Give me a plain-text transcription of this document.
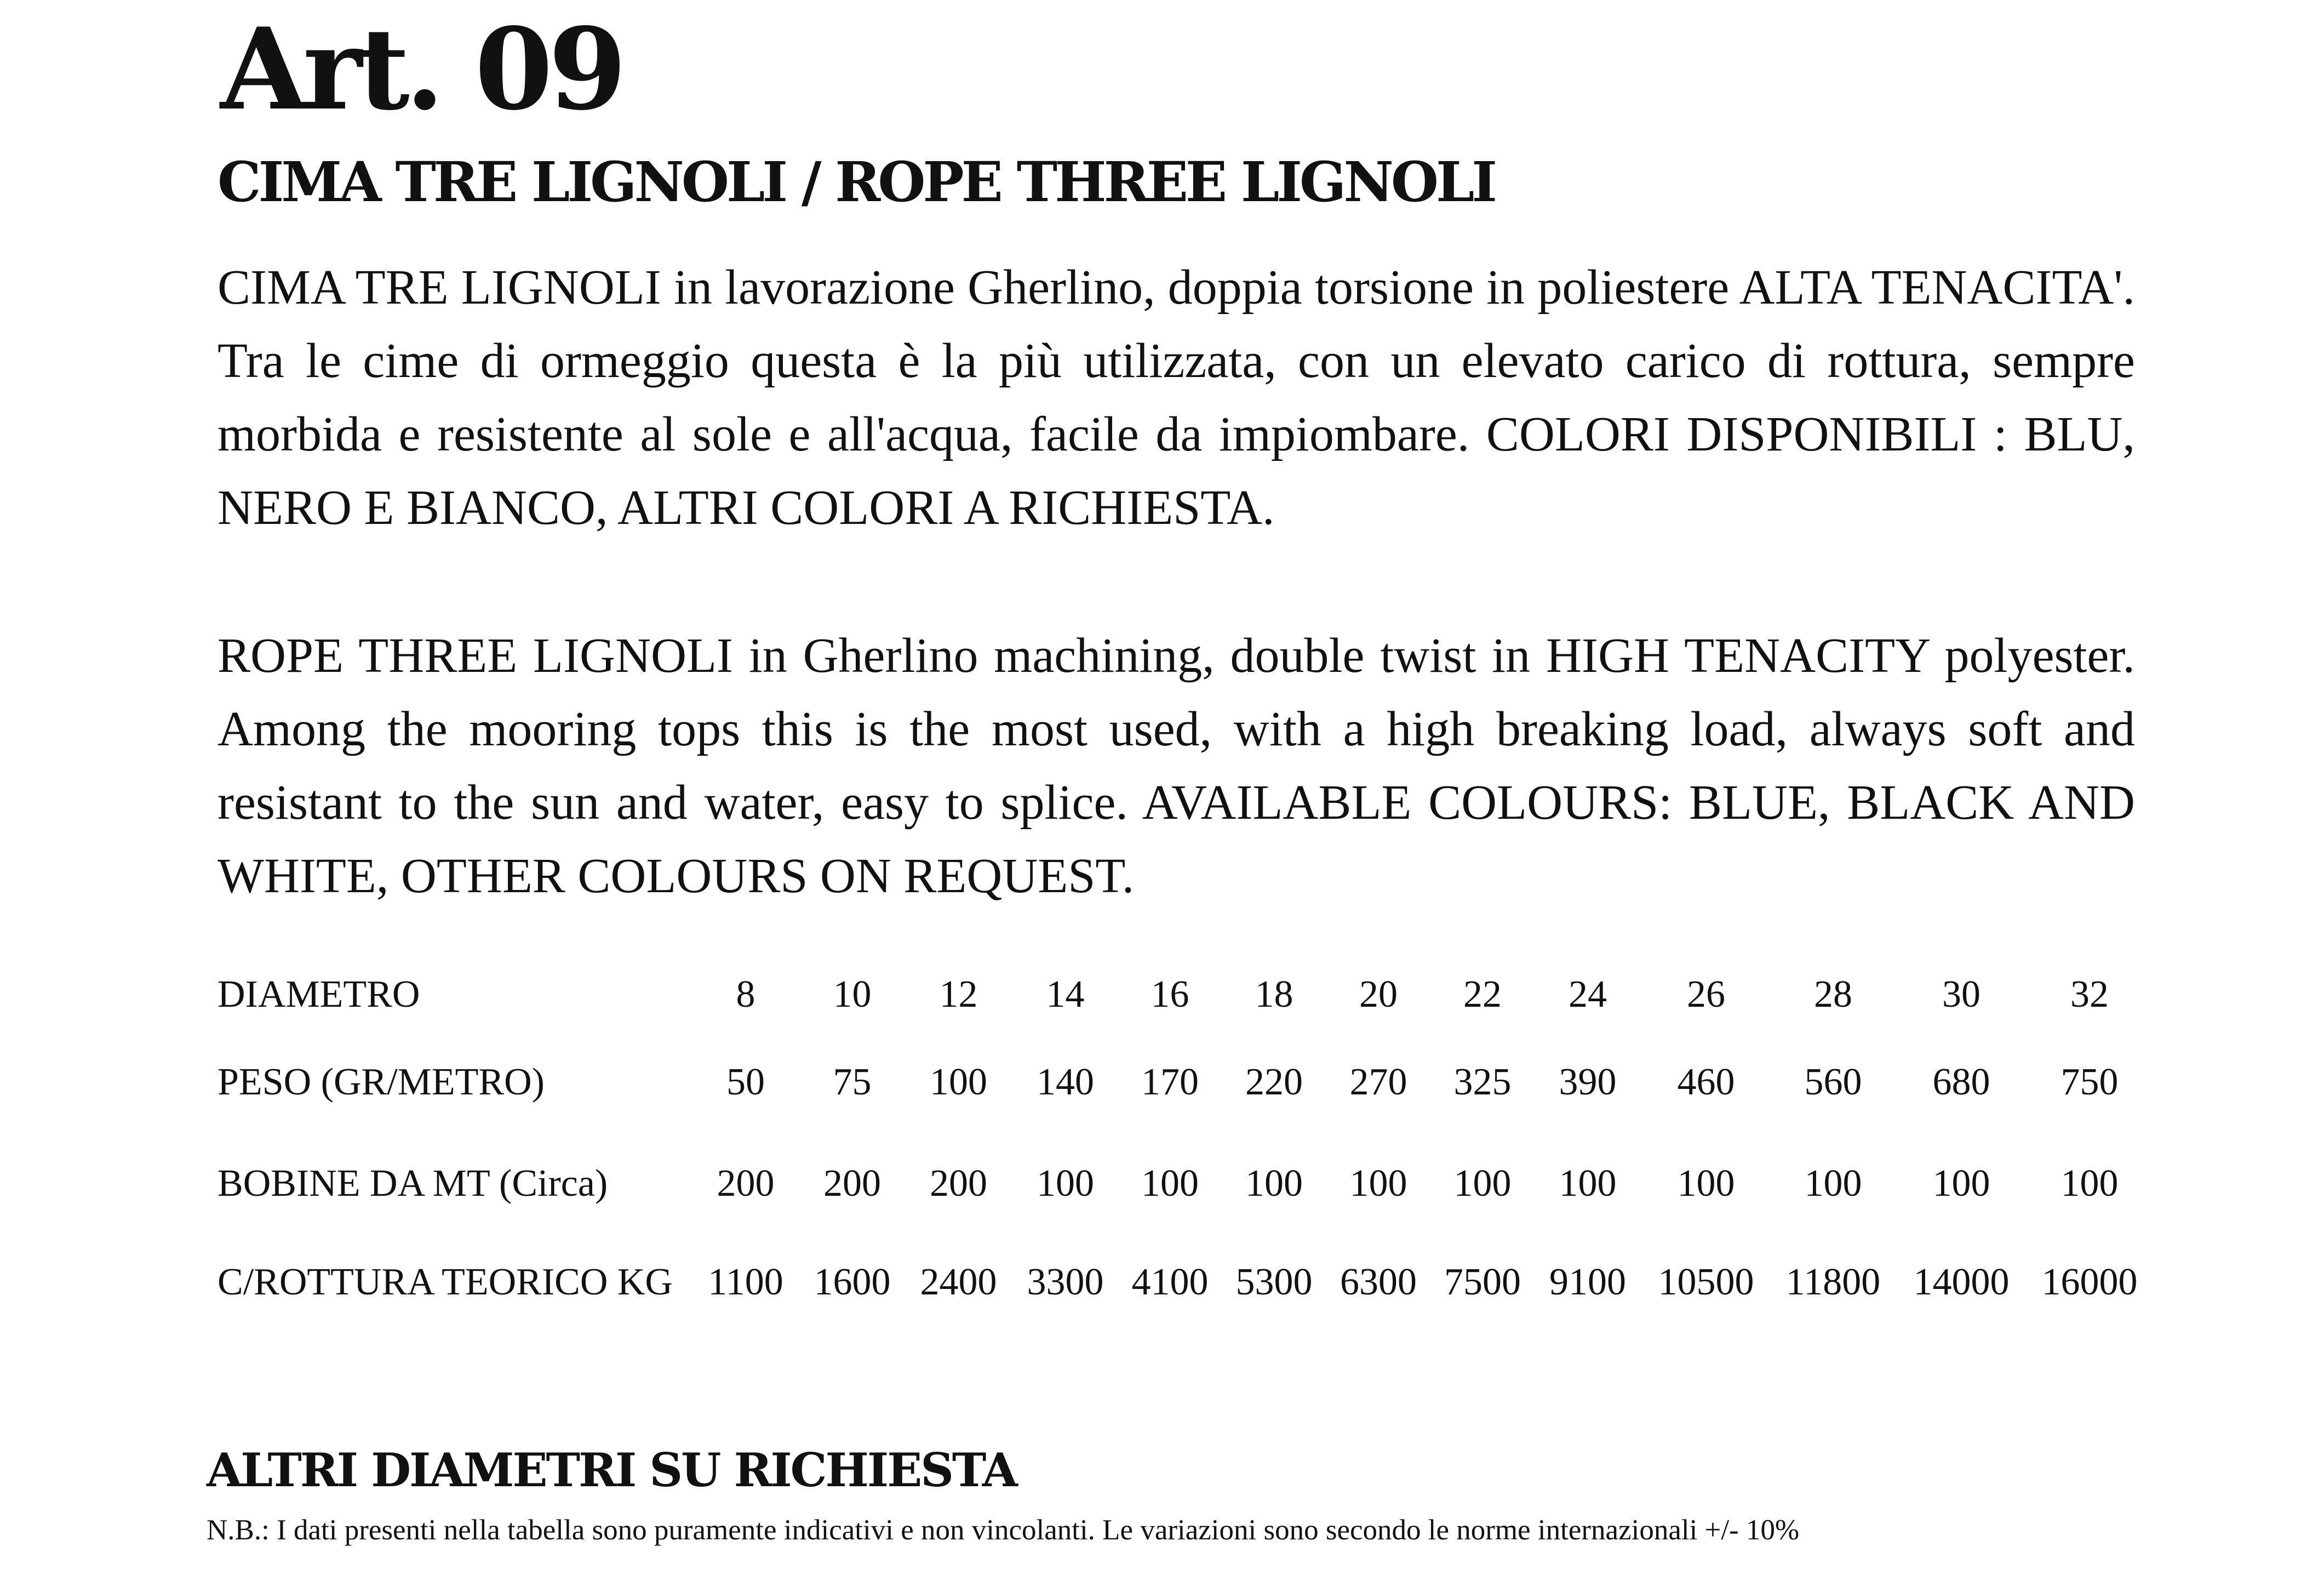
Art. 09
CIMA TRE LIGNOLI / ROPE THREE LIGNOLI

CIMA TRE LIGNOLI in lavorazione Gherlino, doppia torsione in poliestere ALTA TENACITA'. Tra le cime di ormeggio questa è la più utilizzata, con un elevato carico di rottura, sempre morbida e resistente al sole e all'acqua, facile da impiombare. COLORI DISPONIBILI : BLU, NERO E BIANCO, ALTRI COLORI A RICHIESTA.

ROPE THREE LIGNOLI in Gherlino machining, double twist in HIGH TENACITY polyester. Among the mooring tops this is the most used, with a high breaking load, always soft and resistant to the sun and water, easy to splice. AVAILABLE COLOURS: BLUE, BLACK AND WHITE, OTHER COLOURS ON REQUEST.

DIAMETRO	8	10	12	14	16	18	20	22	24	26	28	30	32
PESO (GR/METRO)	50	75	100	140	170	220	270	325	390	460	560	680	750
BOBINE DA MT (Circa)	200	200	200	100	100	100	100	100	100	100	100	100	100
C/ROTTURA TEORICO KG	1100	1600	2400	3300	4100	5300	6300	7500	9100	10500	11800	14000	16000
ALTRI DIAMETRI SU RICHIESTA

N.B.: I dati presenti nella tabella sono puramente indicativi e non vincolanti. Le variazioni sono secondo le norme internazionali +/- 10%
